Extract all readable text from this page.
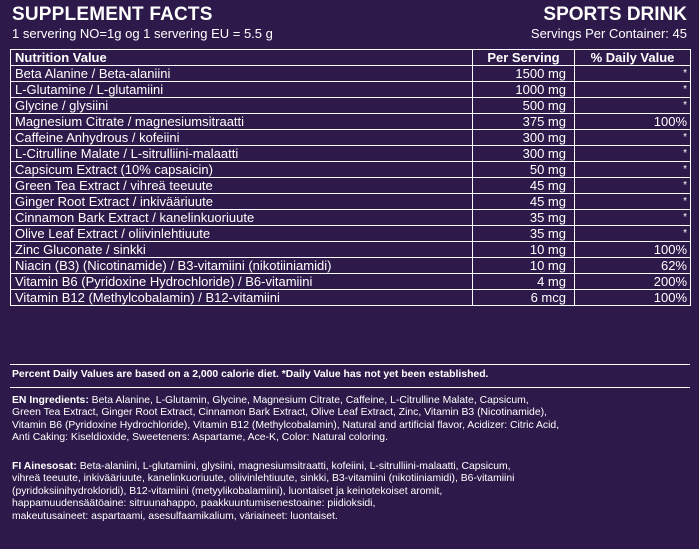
SUPPLEMENT FACTS	SPORTS DRINK
1 servering NO=1g og 1 servering EU = 5.5 g	Servings Per Container: 45
Nutrition Value	Per Serving	% Daily Value
Beta Alanine / Beta-alaniini	1500 mg	*
L-Glutamine / L-glutamiini	1000 mg	*
Glycine / glysiini	500 mg	*
Magnesium Citrate / magnesiumsitraatti	375 mg	100%
Caffeine Anhydrous / kofeiini	300 mg	*
L-Citrulline Malate / L-sitrulliini-malaatti	300 mg	*
Capsicum Extract (10% capsaicin)	50 mg	*
Green Tea Extract / vihreä teeuute	45 mg	*
Ginger Root Extract / inkivääriuute	45 mg	*
Cinnamon Bark Extract / kanelinkuoriuute	35 mg	*
Olive Leaf Extract / oliivinlehtiuute	35 mg	*
Zinc Gluconate / sinkki	10 mg	100%
Niacin (B3) (Nicotinamide) / B3-vitamiini (nikotiiniamidi)	10 mg	62%
Vitamin B6 (Pyridoxine Hydrochloride) / B6-vitamiini	4 mg	200%
Vitamin B12 (Methylcobalamin) / B12-vitamiini	6 mcg	100%
Percent Daily Values are based on a 2,000 calorie diet. *Daily Value has not yet been established.
EN Ingredients: Beta Alanine, L-Glutamin, Glycine, Magnesium Citrate, Caffeine, L-Citrulline Malate, Capsicum,
Green Tea Extract, Ginger Root Extract, Cinnamon Bark Extract, Olive Leaf Extract, Zinc, Vitamin B3 (Nicotinamide),
Vitamin B6 (Pyridoxine Hydrochloride), Vitamin B12 (Methylcobalamin), Natural and artificial flavor, Acidizer: Citric Acid,
Anti Caking: Kiseldioxide, Sweeteners: Aspartame, Ace-K, Color: Natural coloring.
FI Ainesosat: Beta-alaniini, L-glutamiini, glysiini, magnesiumsitraatti, kofeiini, L-sitrulliini-malaatti, Capsicum,
vihreä teeuute, inkivääriuute, kanelinkuoriuute, oliivinlehtiuute, sinkki, B3-vitamiini (nikotiiniamidi), B6-vitamiini
(pyridoksiinihydrokloridi), B12-vitamiini (metyylikobalamiini), luontaiset ja keinotekoiset aromit,
happamuudensäätöaine: sitruunahappo, paakkuuntumisenestoaine: piidioksidi,
makeutusaineet: aspartaami, asesulfaamikalium, väriaineet: luontaiset.
